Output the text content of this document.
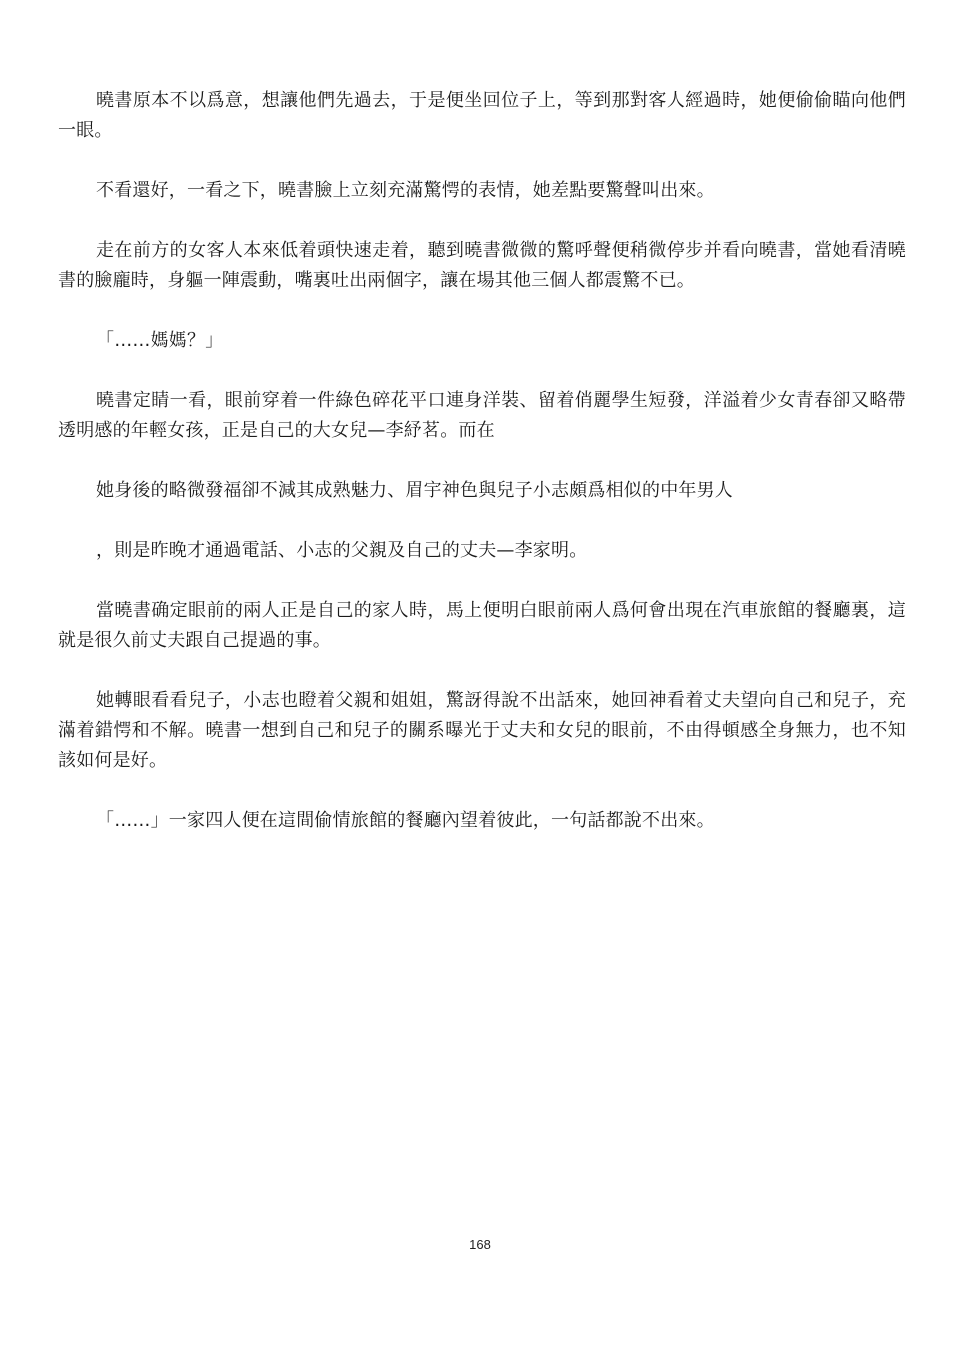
曉書原本不以爲意，想讓他們先過去，于是便坐回位子上，等到那對客人經過時，她便偷偷瞄向他們一眼。

不看還好，一看之下，曉書臉上立刻充滿驚愕的表情，她差點要驚聲叫出來。

走在前方的女客人本來低着頭快速走着，聽到曉書微微的驚呼聲便稍微停步并看向曉書，當她看清曉書的臉龐時，身軀一陣震動，嘴裏吐出兩個字，讓在場其他三個人都震驚不已。

「……媽媽？」

曉書定睛一看，眼前穿着一件綠色碎花平口連身洋裝、留着俏麗學生短發，洋溢着少女青春卻又略帶透明感的年輕女孩，正是自己的大女兒—李紓茗。而在

她身後的略微發福卻不減其成熟魅力、眉宇神色與兒子小志頗爲相似的中年男人

，則是昨晚才通過電話、小志的父親及自己的丈夫—李家明。

當曉書确定眼前的兩人正是自己的家人時，馬上便明白眼前兩人爲何會出現在汽車旅館的餐廳裏，這就是很久前丈夫跟自己提過的事。

她轉眼看看兒子，小志也瞪着父親和姐姐，驚訝得說不出話來，她回神看着丈夫望向自己和兒子，充滿着錯愕和不解。曉書一想到自己和兒子的關系曝光于丈夫和女兒的眼前，不由得頓感全身無力，也不知該如何是好。

「……」一家四人便在這間偷情旅館的餐廳內望着彼此，一句話都說不出來。

168
